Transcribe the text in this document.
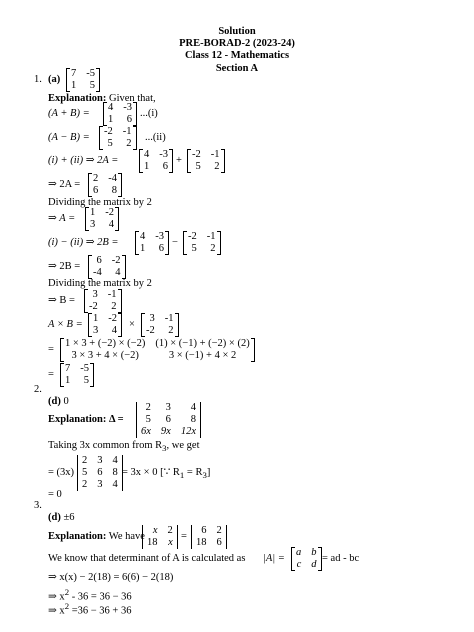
Solution
PRE-BORAD-2 (2023-24)
Class 12 - Mathematics
Section A
1. (a)
7 -5
1	5
Explanation: Given that,
(A + B) =
4 -3
1	6
...(i)
(A − B) =
-2 -1
5	2
...(ii)
(i) + (ii) ⇒ 2A =
4 -3
1	6
+
-2 -1
5	2
⇒ 2A =
2 -4
6	8
Dividing the matrix by 2
⇒ A =
1 -2
3	4
(i) − (ii) ⇒ 2B =
4 -3
1	6
−
-2 -1
5	2
⇒ 2B =
6 -2
-4	4
Dividing the matrix by 2
⇒ B =
3 -1
-2	2
A × B =
1 -2
3	4
×
3 -1
-2	2
=
1 × 3 + (−2) × (−2) (1) × (−1) + (−2) × (2)
3 × 3 + 4 × (−2)	3 × (−1) + 4 × 2
=
7 -5
1	5
2.
(d) 0
Explanation: Δ =
2	3	4
5	6	8
6x 9x 12x
Taking 3x common from $R_3$, we get
= (3x)
2 3 4
5 6 8
2 3 4
= 3x × 0 [∵ $R_1 = R_3$]
= 0
3.
(d) ±6
Explanation: We have
x 2
18 x
=
6 2
18 6
We know that determinant of A is calculated as |A| =
a b
c d
= ad - bc
⇒ x(x) − 2(18) = 6(6) − 2(18)
⇒ $x^2 - 36 = 36 - 36$
⇒ $x^2 =36 - 36 + 36$
